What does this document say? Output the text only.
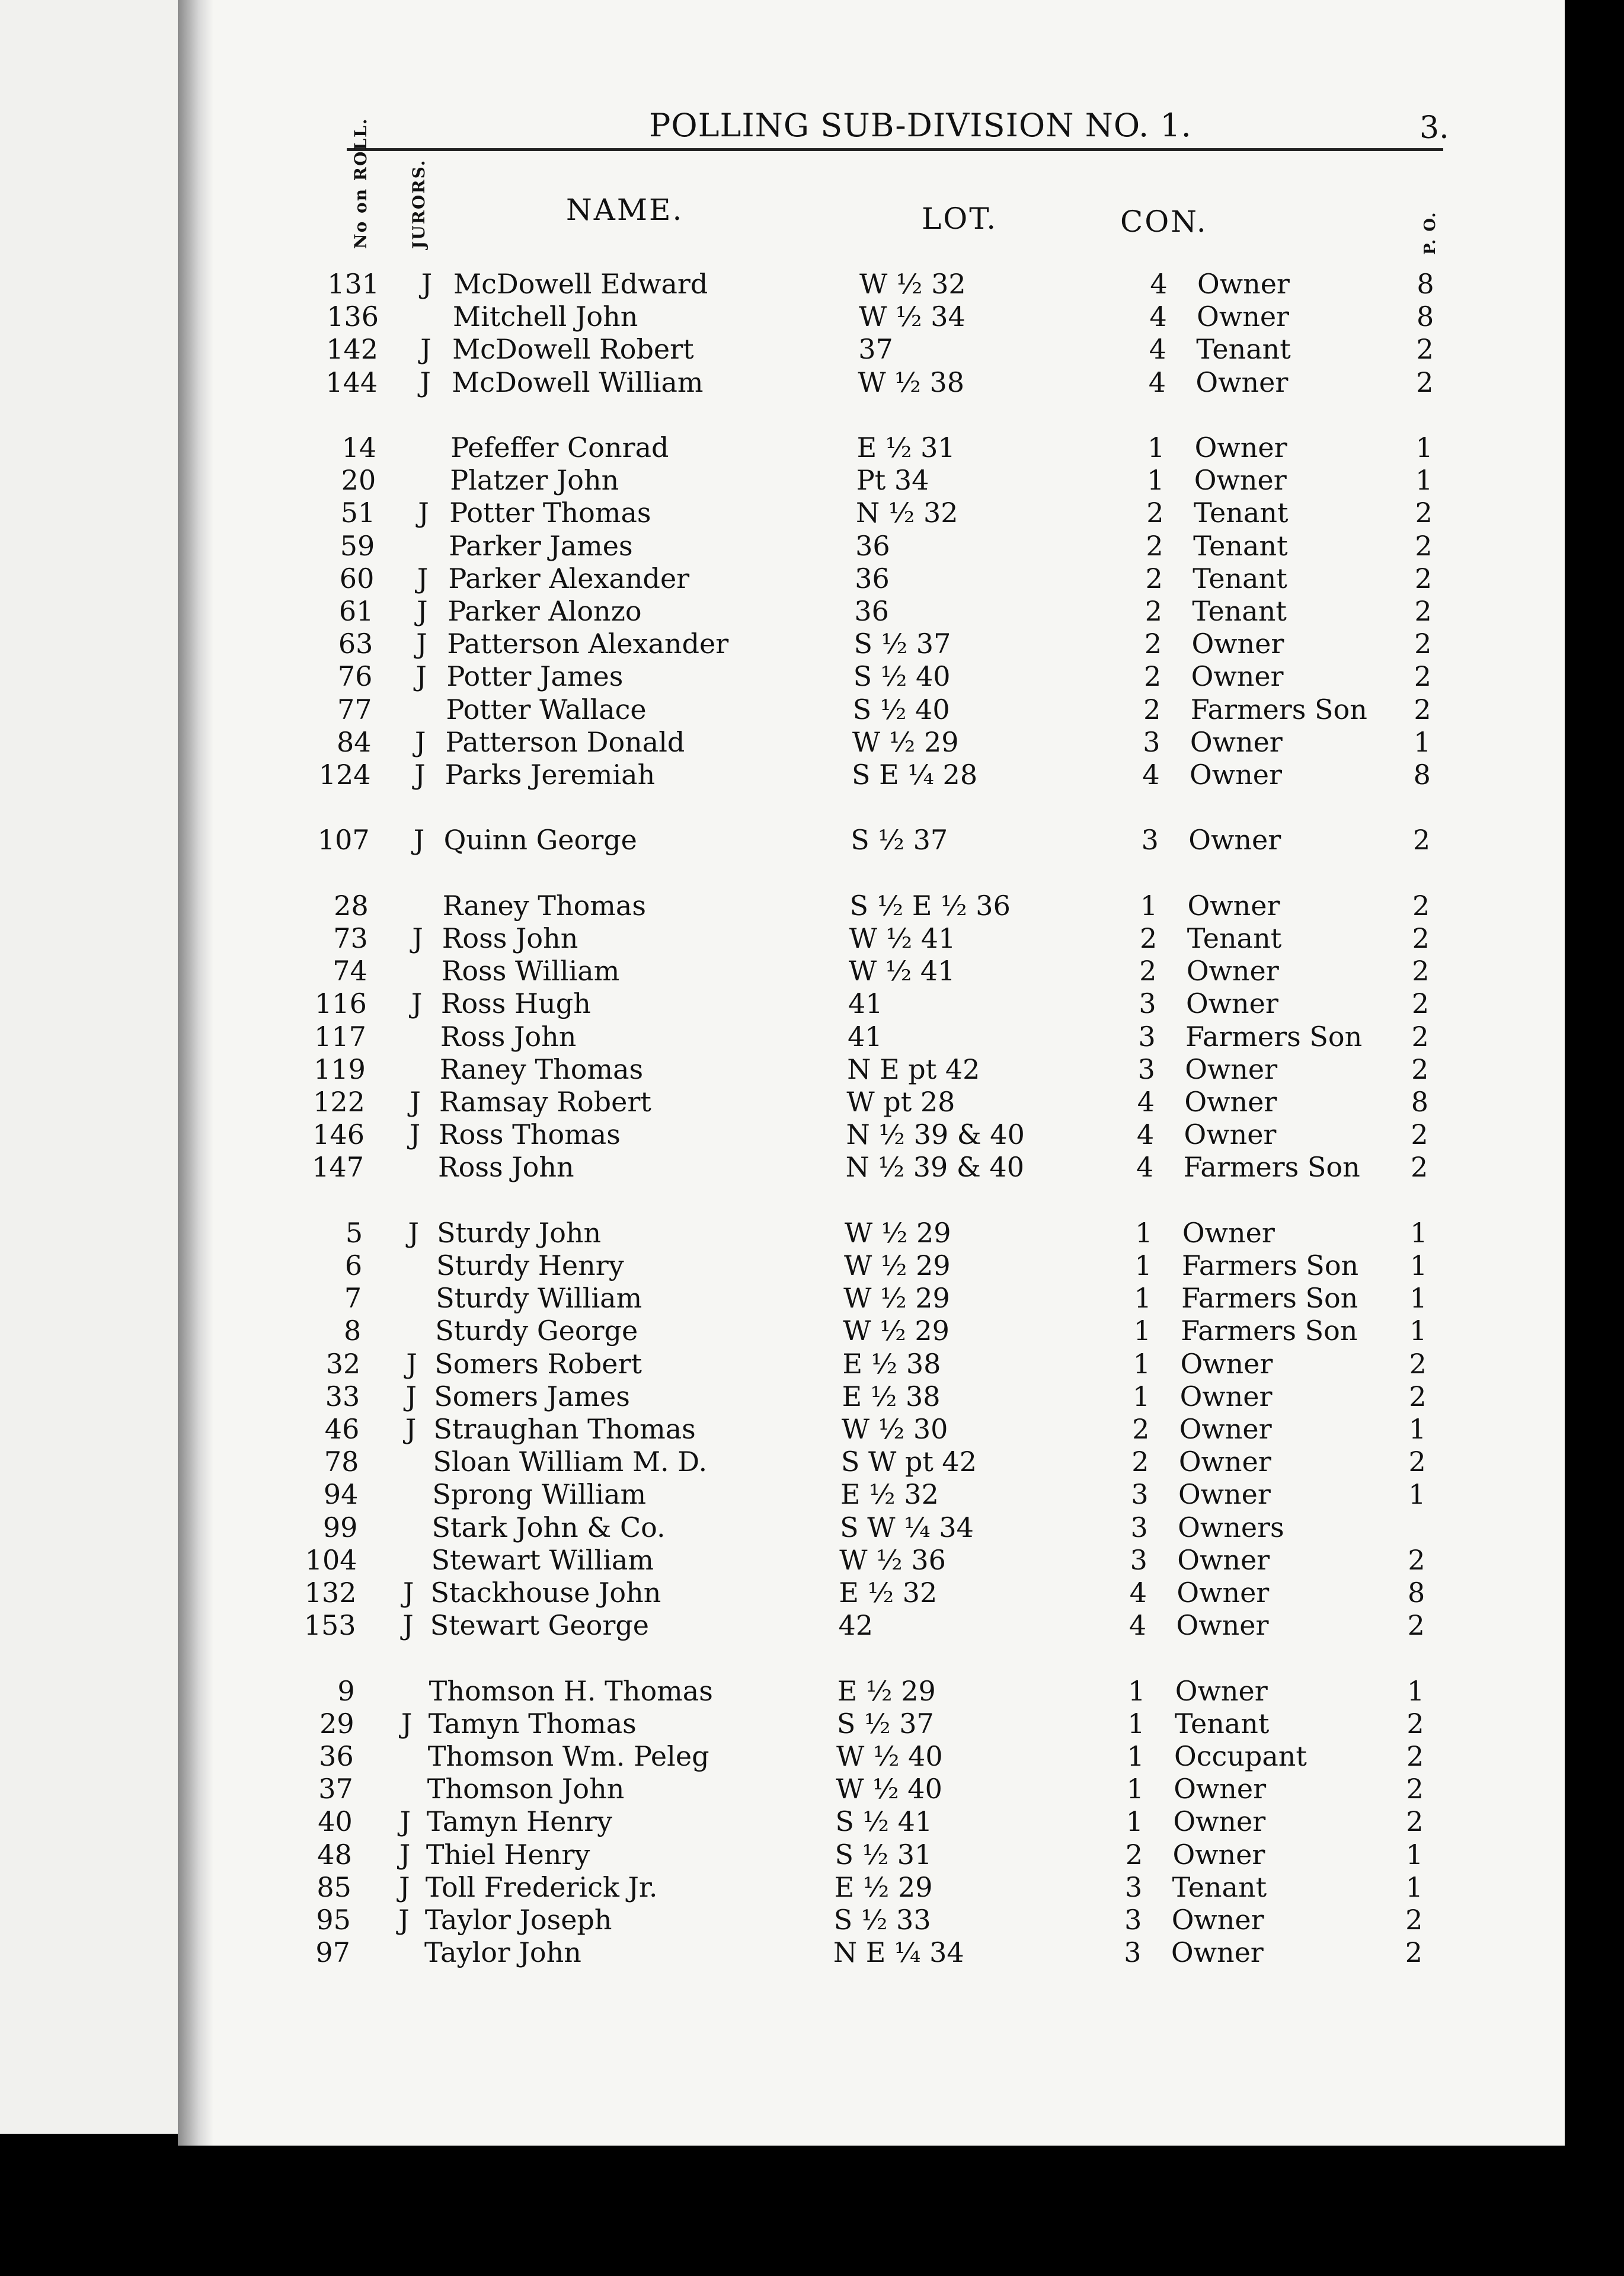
POLLING SUB-DIVISION NO. 1.	3.
No on ROLL. JURORS.	NAME.	LOT.	CON.	P. O.
131 J McDowell Edward	W ½ 32	4	Owner	8
136	Mitchell John	W ½ 34	4	Owner	8
142 J McDowell Robert	37	4	Tenant	2
144 J McDowell William	W ½ 38	4	Owner	2
14	Pefeffer Conrad	E ½ 31	1	Owner	1
20	Platzer John	Pt 34	1	Owner	1
51 J Potter Thomas	N ½ 32	2	Tenant	2
59	Parker James	36	2	Tenant	2
60 J Parker Alexander	36	2	Tenant	2
61 J Parker Alonzo	36	2	Tenant	2
63 J Patterson Alexander	S ½ 37	2	Owner	2
76 J Potter James	S ½ 40	2	Owner	2
77	Potter Wallace	S ½ 40	2	Farmers Son 2
84 J Patterson Donald	W ½ 29	3	Owner	1
124 J Parks Jeremiah	S E ¼ 28	4	Owner	8
107 J Quinn George	S ½ 37	3	Owner	2
28	Raney Thomas	S ½ E ½ 36	1	Owner	2
73 J Ross John	W ½ 41	2	Tenant	2
74	Ross William	W ½ 41	2	Owner	2
116 J Ross Hugh	41	3	Owner	2
117	Ross John	41	3	Farmers Son 2
119	Raney Thomas	N E pt 42	3	Owner	2
122 J Ramsay Robert	W pt 28	4	Owner	8
146 J Ross Thomas	N ½ 39 & 40	4	Owner	2
147	Ross John	N ½ 39 & 40	4	Farmers Son 2
5 J Sturdy John	W ½ 29	1	Owner	1
6	Sturdy Henry	W ½ 29	1	Farmers Son 1
7	Sturdy William	W ½ 29	1	Farmers Son 1
8	Sturdy George	W ½ 29	1	Farmers Son 1
32 J Somers Robert	E ½ 38	1	Owner	2
33 J Somers James	E ½ 38	1	Owner	2
46 J Straughan Thomas	W ½ 30	2	Owner	1
78	Sloan William M. D.	S W pt 42	2	Owner	2
94	Sprong William	E ½ 32	3	Owner	1
99	Stark John & Co.	S W ¼ 34	3	Owners
104	Stewart William	W ½ 36	3	Owner	2
132 J Stackhouse John	E ½ 32	4	Owner	8
153 J Stewart George	42	4	Owner	2
9	Thomson H. Thomas	E ½ 29	1	Owner	1
29 J Tamyn Thomas	S ½ 37	1	Tenant	2
36	Thomson Wm. Peleg	W ½ 40	1	Occupant	2
37	Thomson John	W ½ 40	1	Owner	2
40 J Tamyn Henry	S ½ 41	1	Owner	2
48 J Thiel Henry	S ½ 31	2	Owner	1
85 J Toll Frederick Jr.	E ½ 29	3	Tenant	1
95 J Taylor Joseph	S ½ 33	3	Owner	2
97	Taylor John	N E ¼ 34	3	Owner	2
